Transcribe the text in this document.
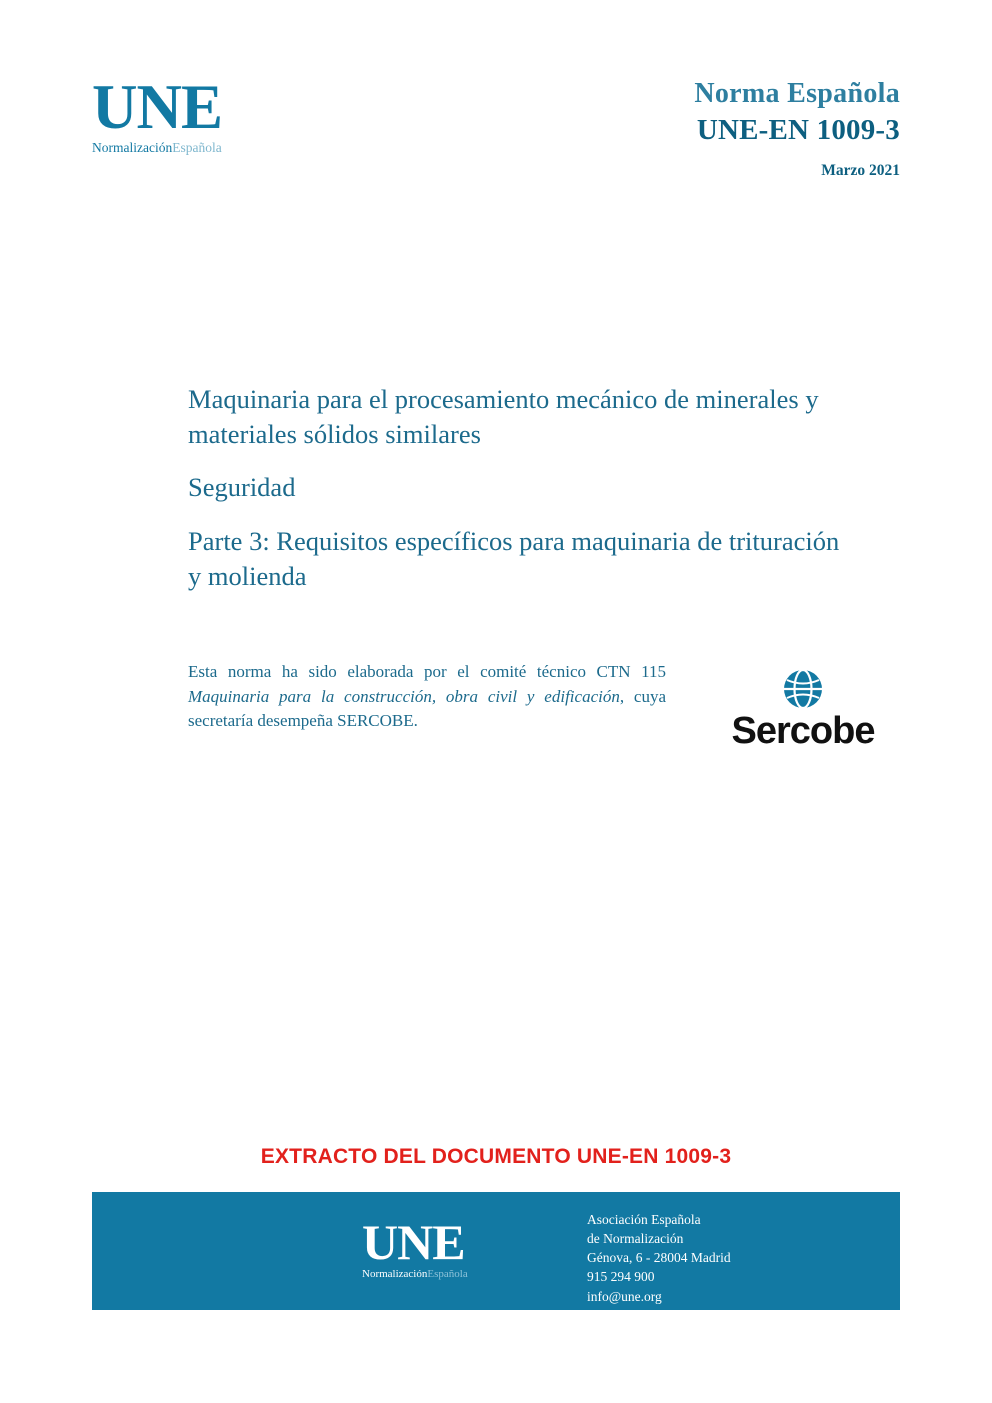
UNE
NormalizaciónEspañola
Norma Española
UNE-EN 1009-3
Marzo 2021
Maquinaria para el procesamiento mecánico de minerales y materiales sólidos similares
Seguridad
Parte 3: Requisitos específicos para maquinaria de trituración y molienda
Esta norma ha sido elaborada por el comité técnico CTN 115 Maquinaria para la construcción, obra civil y edificación, cuya secretaría desempeña SERCOBE.	Sercobe
EXTRACTO DEL DOCUMENTO UNE-EN 1009-3
UNE
NormalizaciónEspañola
Asociación Española
de Normalización
Génova, 6 - 28004 Madrid
915 294 900
info@une.org
www.une.org
